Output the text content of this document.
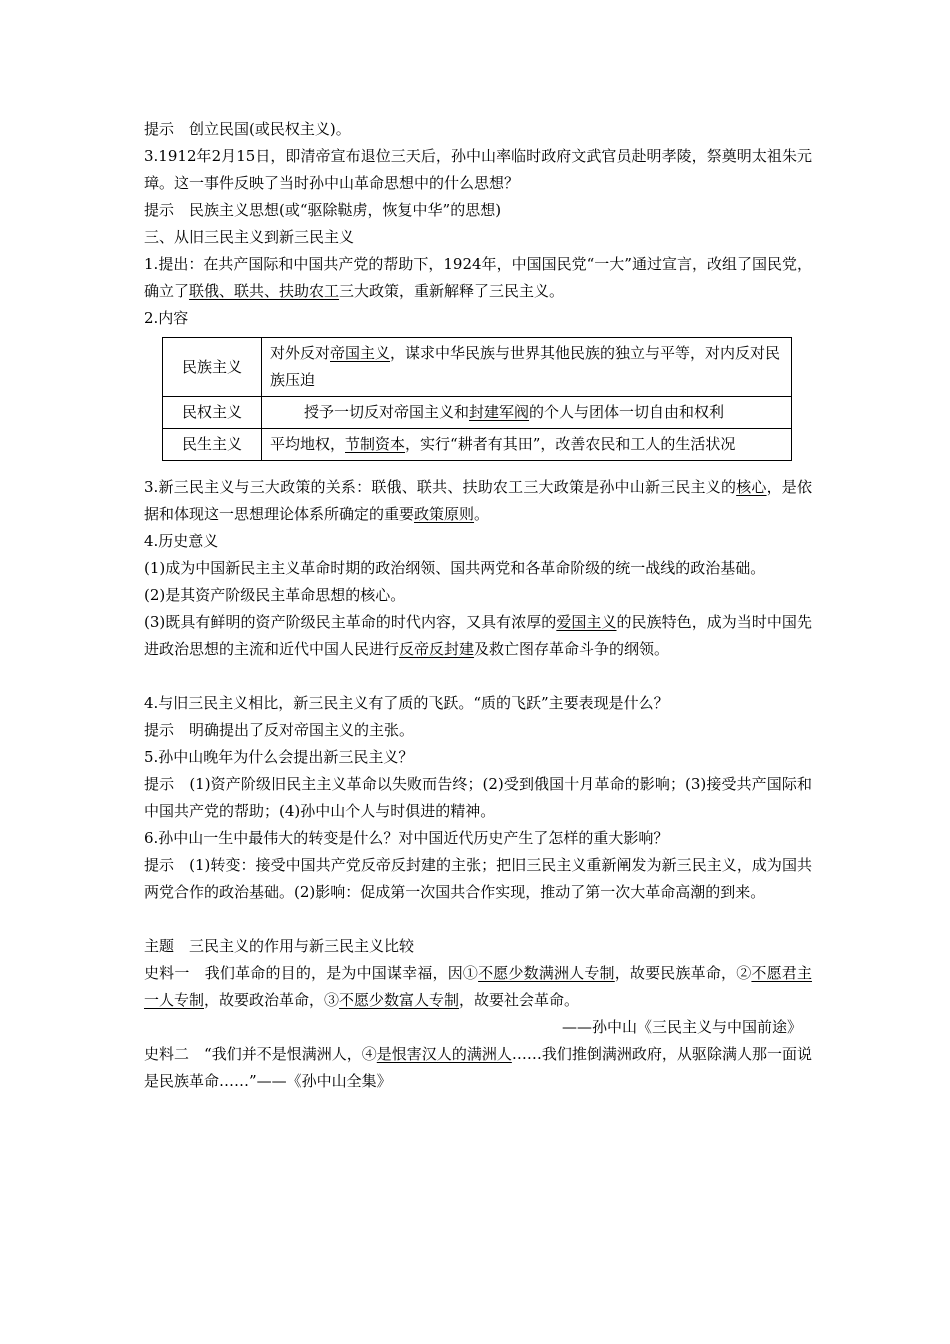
提示　创立民国(或民权主义)。

3.1912年2月15日，即清帝宣布退位三天后，孙中山率临时政府文武官员赴明孝陵，祭奠明太祖朱元璋。这一事件反映了当时孙中山革命思想中的什么思想？

提示　民族主义思想(或“驱除鞑虏，恢复中华”的思想)

三、从旧三民主义到新三民主义

1.提出：在共产国际和中国共产党的帮助下，1924年，中国国民党“一大”通过宣言，改组了国民党，确立了联俄、联共、扶助农工三大政策，重新解释了三民主义。

2.内容

民族主义	对外反对帝国主义，谋求中华民族与世界其他民族的独立与平等，对内反对民族压迫
民权主义	授予一切反对帝国主义和封建军阀的个人与团体一切自由和权利
民生主义	平均地权，节制资本，实行“耕者有其田”，改善农民和工人的生活状况

3.新三民主义与三大政策的关系：联俄、联共、扶助农工三大政策是孙中山新三民主义的核心，是依据和体现这一思想理论体系所确定的重要政策原则。

4.历史意义

(1)成为中国新民主主义革命时期的政治纲领、国共两党和各革命阶级的统一战线的政治基础。

(2)是其资产阶级民主革命思想的核心。

(3)既具有鲜明的资产阶级民主革命的时代内容，又具有浓厚的爱国主义的民族特色，成为当时中国先进政治思想的主流和近代中国人民进行反帝反封建及救亡图存革命斗争的纲领。

4.与旧三民主义相比，新三民主义有了质的飞跃。“质的飞跃”主要表现是什么？

提示　明确提出了反对帝国主义的主张。

5.孙中山晚年为什么会提出新三民主义？

提示　(1)资产阶级旧民主主义革命以失败而告终；(2)受到俄国十月革命的影响；(3)接受共产国际和中国共产党的帮助；(4)孙中山个人与时俱进的精神。

6.孙中山一生中最伟大的转变是什么？对中国近代历史产生了怎样的重大影响？

提示　(1)转变：接受中国共产党反帝反封建的主张；把旧三民主义重新阐发为新三民主义，成为国共两党合作的政治基础。(2)影响：促成第一次国共合作实现，推动了第一次大革命高潮的到来。

主题　三民主义的作用与新三民主义比较

史料一　我们革命的目的，是为中国谋幸福，因①不愿少数满洲人专制，故要民族革命，②不愿君主一人专制，故要政治革命，③不愿少数富人专制，故要社会革命。

——孙中山《三民主义与中国前途》

史料二　“我们并不是恨满洲人，④是恨害汉人的满洲人……我们推倒满洲政府，从驱除满人那一面说是民族革命……”——《孙中山全集》
